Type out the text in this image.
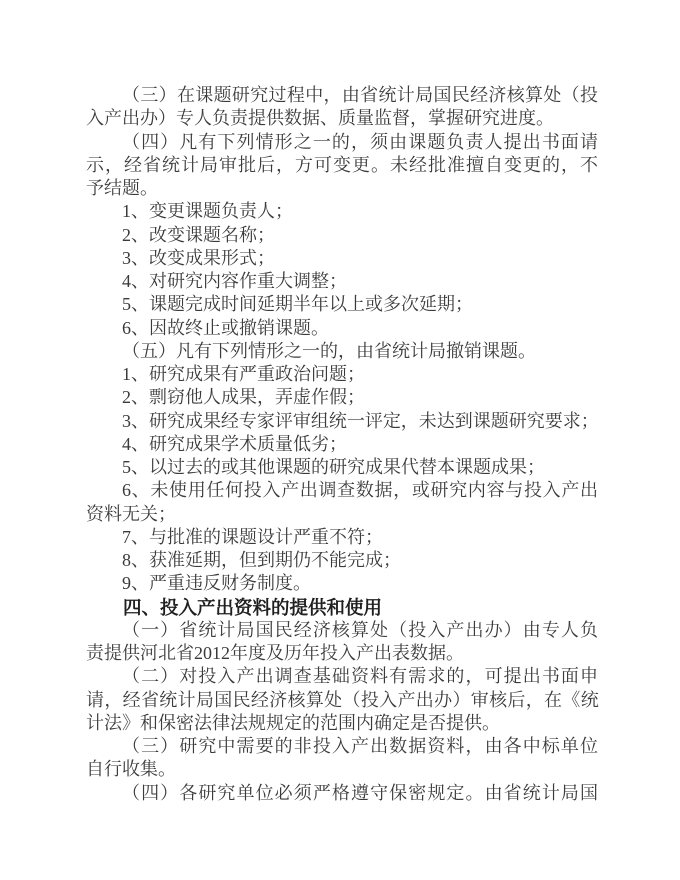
（三）在课题研究过程中，由省统计局国民经济核算处（投
入产出办）专人负责提供数据、质量监督，掌握研究进度。
（四）凡有下列情形之一的，须由课题负责人提出书面请
示，经省统计局审批后，方可变更。未经批准擅自变更的，不
予结题。
1、变更课题负责人；
2、改变课题名称；
3、改变成果形式；
4、对研究内容作重大调整；
5、课题完成时间延期半年以上或多次延期；
6、因故终止或撤销课题。
（五）凡有下列情形之一的，由省统计局撤销课题。
1、研究成果有严重政治问题；
2、剽窃他人成果，弄虚作假；
3、研究成果经专家评审组统一评定，未达到课题研究要求；
4、研究成果学术质量低劣；
5、以过去的或其他课题的研究成果代替本课题成果；
6、未使用任何投入产出调查数据，或研究内容与投入产出
资料无关；
7、与批准的课题设计严重不符；
8、获准延期，但到期仍不能完成；
9、严重违反财务制度。
四、投入产出资料的提供和使用
（一）省统计局国民经济核算处（投入产出办）由专人负
责提供河北省2012年度及历年投入产出表数据。
（二）对投入产出调查基础资料有需求的，可提出书面申
请，经省统计局国民经济核算处（投入产出办）审核后，在《统
计法》和保密法律法规规定的范围内确定是否提供。
（三）研究中需要的非投入产出数据资料，由各中标单位
自行收集。
（四）各研究单位必须严格遵守保密规定。由省统计局国
